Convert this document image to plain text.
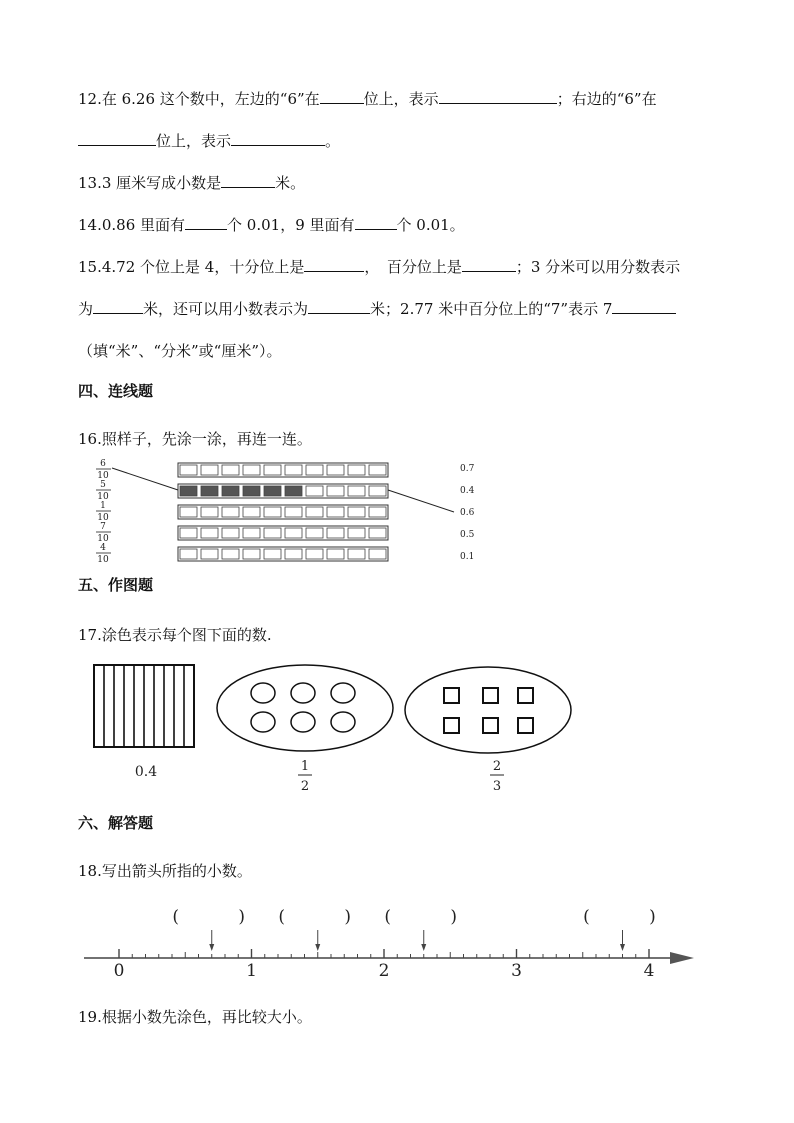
12.在 6.26 这个数中，左边的“6”在	位上，表示	；右边的“6”在
位上，表示	。
13.3 厘米写成小数是	米。
14.0.86 里面有	个 0.01，9 里面有	个 0.01。
15.4.72 个位上是 4，十分位上是	，　百分位上是	；3 分米可以用分数表示
为	米，还可以用小数表示为	米；2.77 米中百分位上的“7”表示 7
（填“米”、“分米”或“厘米”）。
四、连线题
16.照样子，先涂一涂，再连一连。
6
10
5
10
1
10
7
10
4
10
0.7
0.4
0.6
0.5
0.1
五、作图题
17.涂色表示每个图下面的数.
0.4	1
2
2
3
六、解答题
18.写出箭头所指的小数。
(	) (	) (	)	(	)
0	1	2	3	4
19.根据小数先涂色，再比较大小。
